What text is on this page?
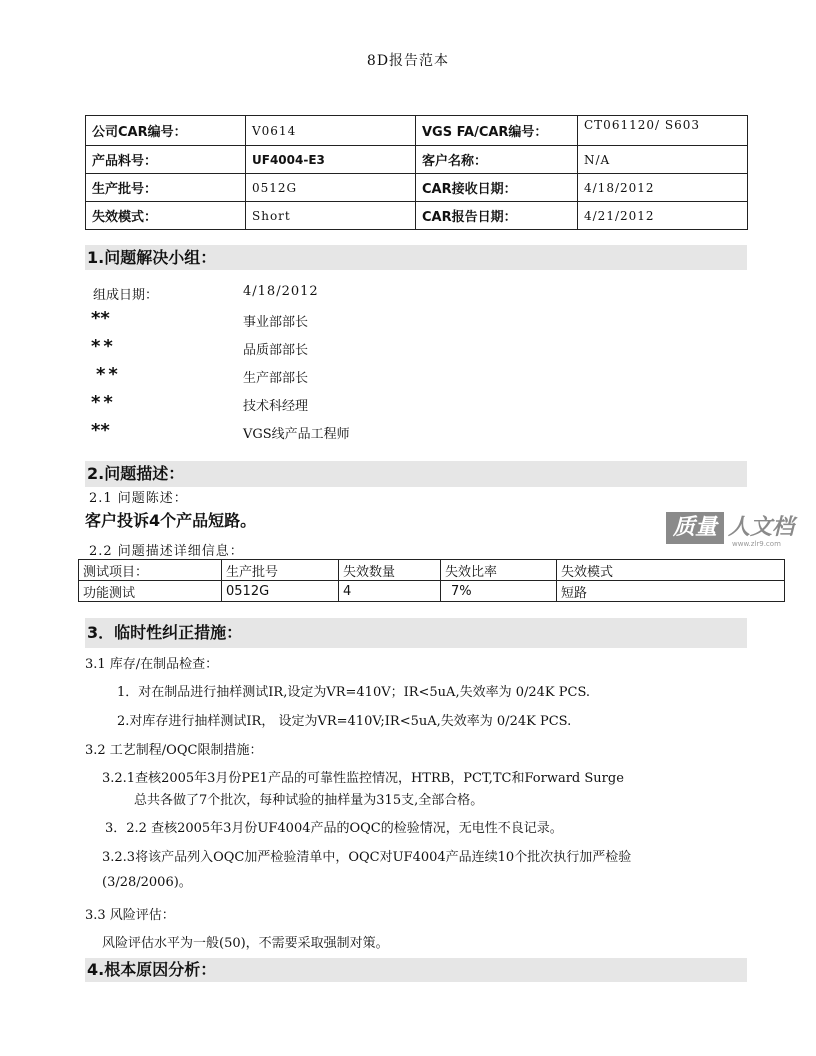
8D报告范本
公司CAR编号：	V0614	VGS FA/CAR编号：	CT061120/ S603
产品料号：	UF4004-E3	客户名称：	N/A
生产批号：	0512G	CAR接收日期：	4/18/2012
失效模式：	Short	CAR报告日期：	4/21/2012
1.问题解决小组：
组成日期：	4/18/2012
**	事业部部长
**	品质部部长
**	生产部部长
**	技术科经理
**	VGS线产品工程师
2.问题描述：
2.1 问题陈述：
客户投诉4个产品短路。
2.2 问题描述详细信息：
质量 人文档
www.zlr9.com
测试项目：	生产批号	失效数量	失效比率	失效模式
功能测试	0512G	4	7%	短路
3．临时性纠正措施：
3.1 库存/在制品检查：
1．对在制品进行抽样测试IR,设定为VR=410V；IR<5uA,失效率为 0/24K PCS.
2.对库存进行抽样测试IR， 设定为VR=410V;IR<5uA,失效率为 0/24K PCS.
3.2 工艺制程/OQC限制措施：
3.2.1查核2005年3月份PE1产品的可靠性监控情况，HTRB，PCT,TC和Forward Surge
总共各做了7个批次，每种试验的抽样量为315支,全部合格。
3．2.2 查核2005年3月份UF4004产品的OQC的检验情况，无电性不良记录。
3.2.3将该产品列入OQC加严检验清单中，OQC对UF4004产品连续10个批次执行加严检验
(3/28/2006)。
3.3 风险评估：
风险评估水平为一般(50)，不需要采取强制对策。
4.根本原因分析：
